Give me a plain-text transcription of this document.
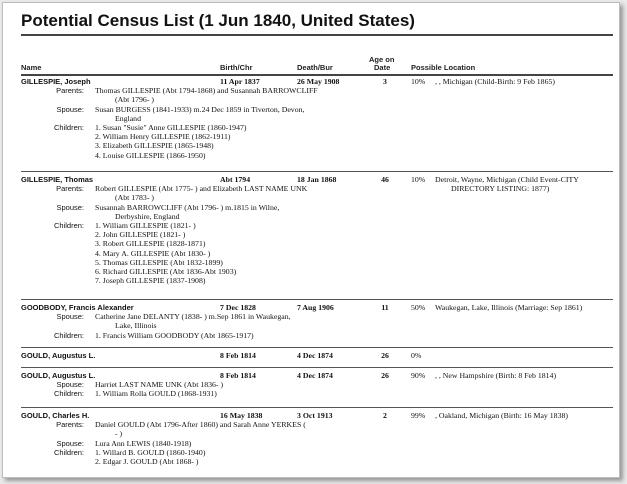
Potential Census List (1 Jun 1840, United States)
Name	Birth/Chr	Death/Bur
Age on
Date	Possible Location
GILLESPIE, Joseph	11 Apr 1837	26 May 1908	3	10% , , Michigan (Child-Birth: 9 Feb 1865)
Parents: Thomas GILLESPIE (Abt 1794-1868) and Susannah BARROWCLIFF
(Abt 1796- )
Spouse: Susan BURGESS (1841-1933) m.24 Dec 1859 in Tiverton, Devon,
England
Children: 1. Susan "Susie" Anne GILLESPIE (1860-1947)
2. William Henry GILLESPIE (1862-1911)
3. Elizabeth GILLESPIE (1865-1948)
4. Louise GILLESPIE (1866-1950)
GILLESPIE, Thomas	Abt 1794	18 Jan 1868	46	10% Detroit, Wayne, Michigan (Child Event-CITY
DIRECTORY LISTING: 1877)
Parents: Robert GILLESPIE (Abt 1775- ) and Elizabeth LAST NAME UNK
(Abt 1783- )
Spouse: Susannah BARROWCLIFF (Abt 1796- ) m.1815 in Wilne,
Derbyshire, England
Children: 1. William GILLESPIE (1821- )
2. John GILLESPIE (1821- )
3. Robert GILLESPIE (1828-1871)
4. Mary A. GILLESPIE (Abt 1830- )
5. Thomas GILLESPIE (Abt 1832-1899)
6. Richard GILLESPIE (Abt 1836-Abt 1903)
7. Joseph GILLESPIE (1837-1908)
GOODBODY, Francis Alexander	7 Dec 1828	7 Aug 1906	11	50% Waukegan, Lake, Illinois (Marriage: Sep 1861)
Spouse: Catherine Jane DELANTY (1838- ) m.Sep 1861 in Waukegan,
Lake, Illinois
Children: 1. Francis William GOODBODY (Abt 1865-1917)
GOULD, Augustus L.	8 Feb 1814	4 Dec 1874	26	0%
GOULD, Augustus L.	8 Feb 1814	4 Dec 1874	26	90% , , New Hampshire (Birth: 8 Feb 1814)
Spouse: Harriet LAST NAME UNK (Abt 1836- )
Children: 1. William Rolla GOULD (1868-1931)
GOULD, Charles H.	16 May 1838	3 Oct 1913	2	99% , Oakland, Michigan (Birth: 16 May 1838)
Parents: Daniel GOULD (Abt 1796-After 1860) and Sarah Anne YERKES (
- )
Spouse: Lura Ann LEWIS (1840-1918)
Children: 1. Willard B. GOULD (1860-1940)
2. Edgar J. GOULD (Abt 1868- )
